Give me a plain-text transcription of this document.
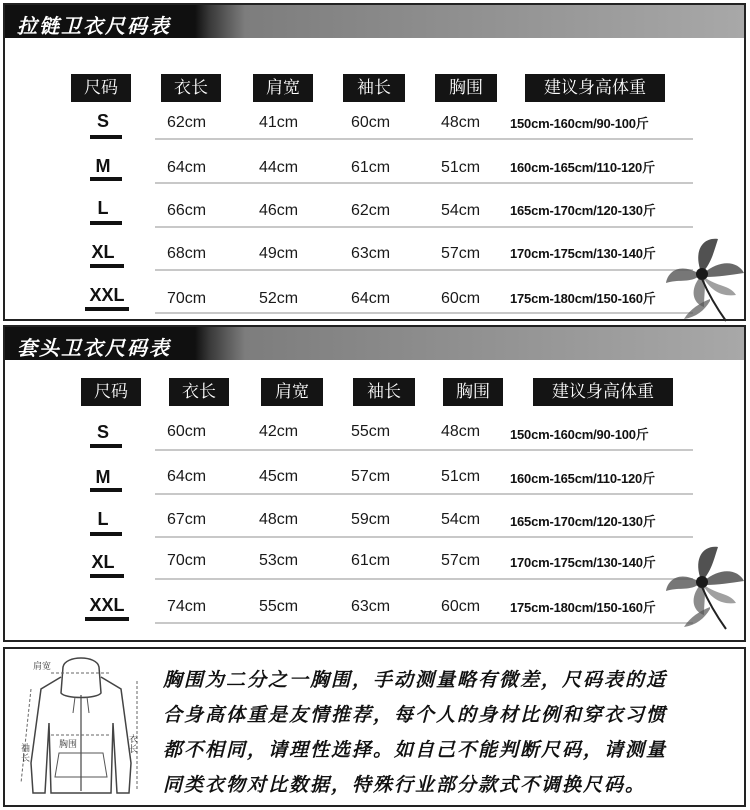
拉链卫衣尺码表
尺码	衣长	肩宽	袖长	胸围	建议身高体重
S	62cm	41cm	60cm	48cm 150cm-160cm/90-100斤
M	64cm	44cm	61cm	51cm 160cm-165cm/110-120斤
L	66cm	46cm	62cm	54cm 165cm-170cm/120-130斤
XL	68cm	49cm	63cm	57cm 170cm-175cm/130-140斤
XXL	70cm	52cm	64cm	60cm 175cm-180cm/150-160斤
套头卫衣尺码表
尺码	衣长	肩宽	袖长	胸围	建议身高体重
S	60cm	42cm	55cm	48cm 150cm-160cm/90-100斤
M	64cm	45cm	57cm	51cm 160cm-165cm/110-120斤
L	67cm	48cm	59cm	54cm 165cm-170cm/120-130斤
XL	70cm	53cm	61cm	57cm 170cm-175cm/130-140斤
XXL	74cm	55cm	63cm	60cm 175cm-180cm/150-160斤
肩宽
袖长
衣长
胸围
胸围为二分之一胸围，手动测量略有微差，尺码表的适
合身高体重是友情推荐，每个人的身材比例和穿衣习惯
都不相同，请理性选择。如自己不能判断尺码，请测量
同类衣物对比数据，特殊行业部分款式不调换尺码。
